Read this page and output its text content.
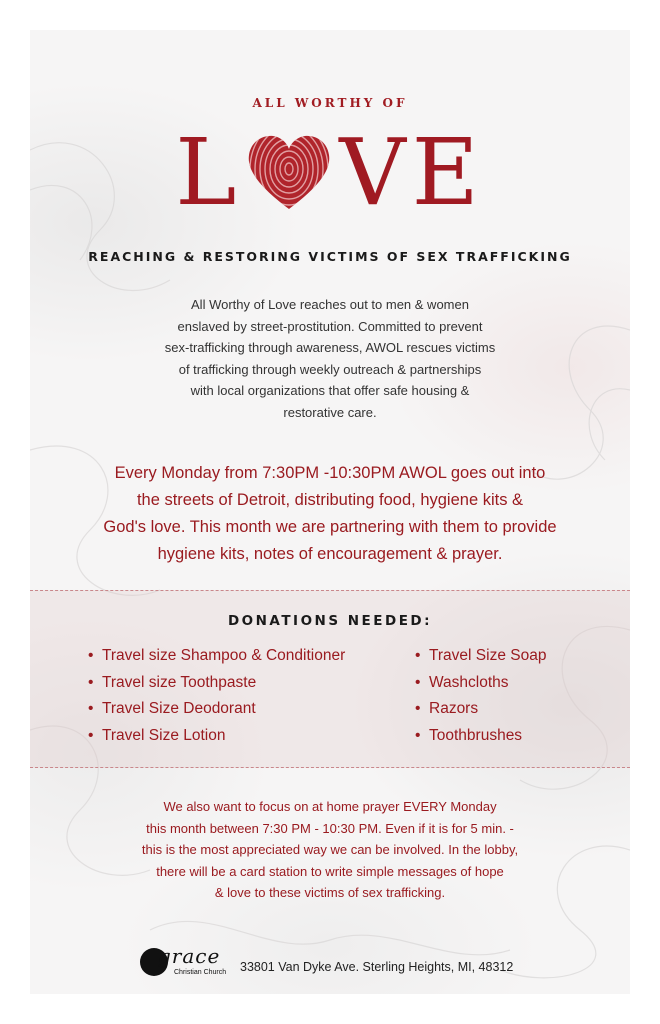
ALL WORTHY OF
L VE
REACHING & RESTORING VICTIMS OF SEX TRAFFICKING
All Worthy of Love reaches out to men & women
enslaved by street-prostitution. Committed to prevent
sex-trafficking through awareness, AWOL rescues victims
of trafficking through weekly outreach & partnerships
with local organizations that offer safe housing &
restorative care.
Every Monday from 7:30PM -10:30PM AWOL goes out into
the streets of Detroit, distributing food, hygiene kits &
God's love. This month we are partnering with them to provide
hygiene kits, notes of encouragement & prayer.
DONATIONS NEEDED:
• Travel size Shampoo & Conditioner
• Travel size Toothpaste
• Travel Size Deodorant
• Travel Size Lotion
• Travel Size Soap
• Washcloths
• Razors
• Toothbrushes
We also want to focus on at home prayer EVERY Monday
this month between 7:30 PM - 10:30 PM. Even if it is for 5 min. -
this is the most appreciated way we can be involved. In the lobby,
there will be a card station to write simple messages of hope
& love to these victims of sex trafficking.
grace
Christian Church 33801 Van Dyke Ave. Sterling Heights, MI, 48312
